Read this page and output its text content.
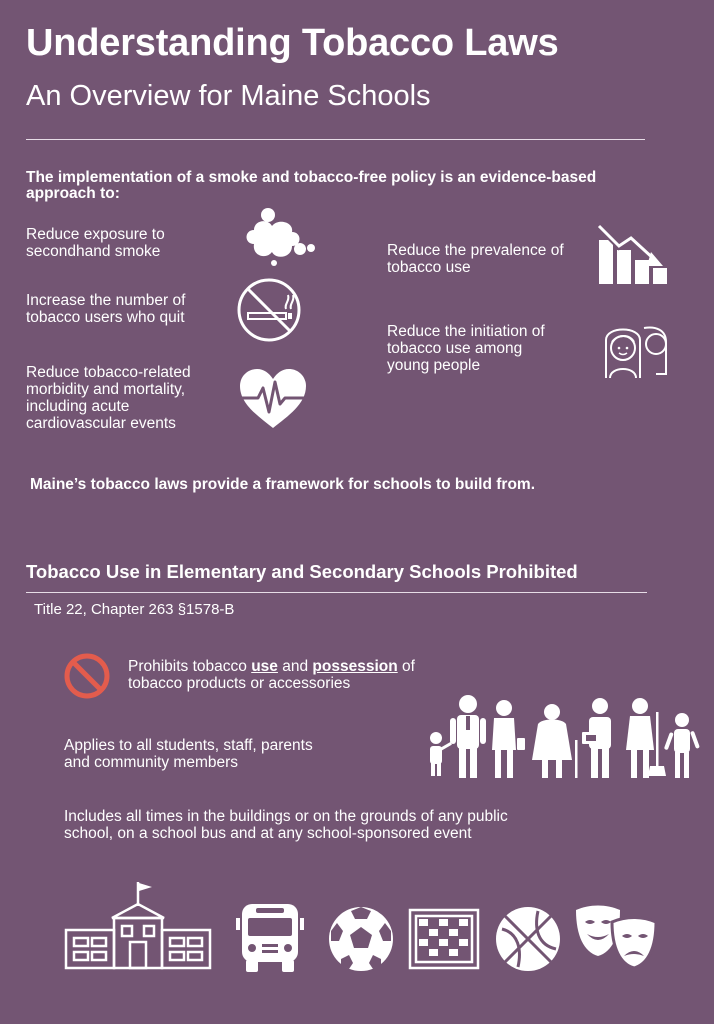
Understanding Tobacco Laws
An Overview for Maine Schools
The implementation of a smoke and tobacco-free policy is an evidence-based approach to:
Reduce exposure to
secondhand smoke
Increase the number of
tobacco users who quit
Reduce tobacco-related
morbidity and mortality,
including acute
cardiovascular events
Reduce the prevalence of
tobacco use
Reduce the initiation of
tobacco use among
young people
Maine’s tobacco laws provide a framework for schools to build from.
Tobacco Use in Elementary and Secondary Schools Prohibited
Title 22, Chapter 263 §1578-B
Prohibits tobacco use and possession of
tobacco products or accessories
Applies to all students, staff, parents
and community members
Includes all times in the buildings or on the grounds of any public
school, on a school bus and at any school-sponsored event
